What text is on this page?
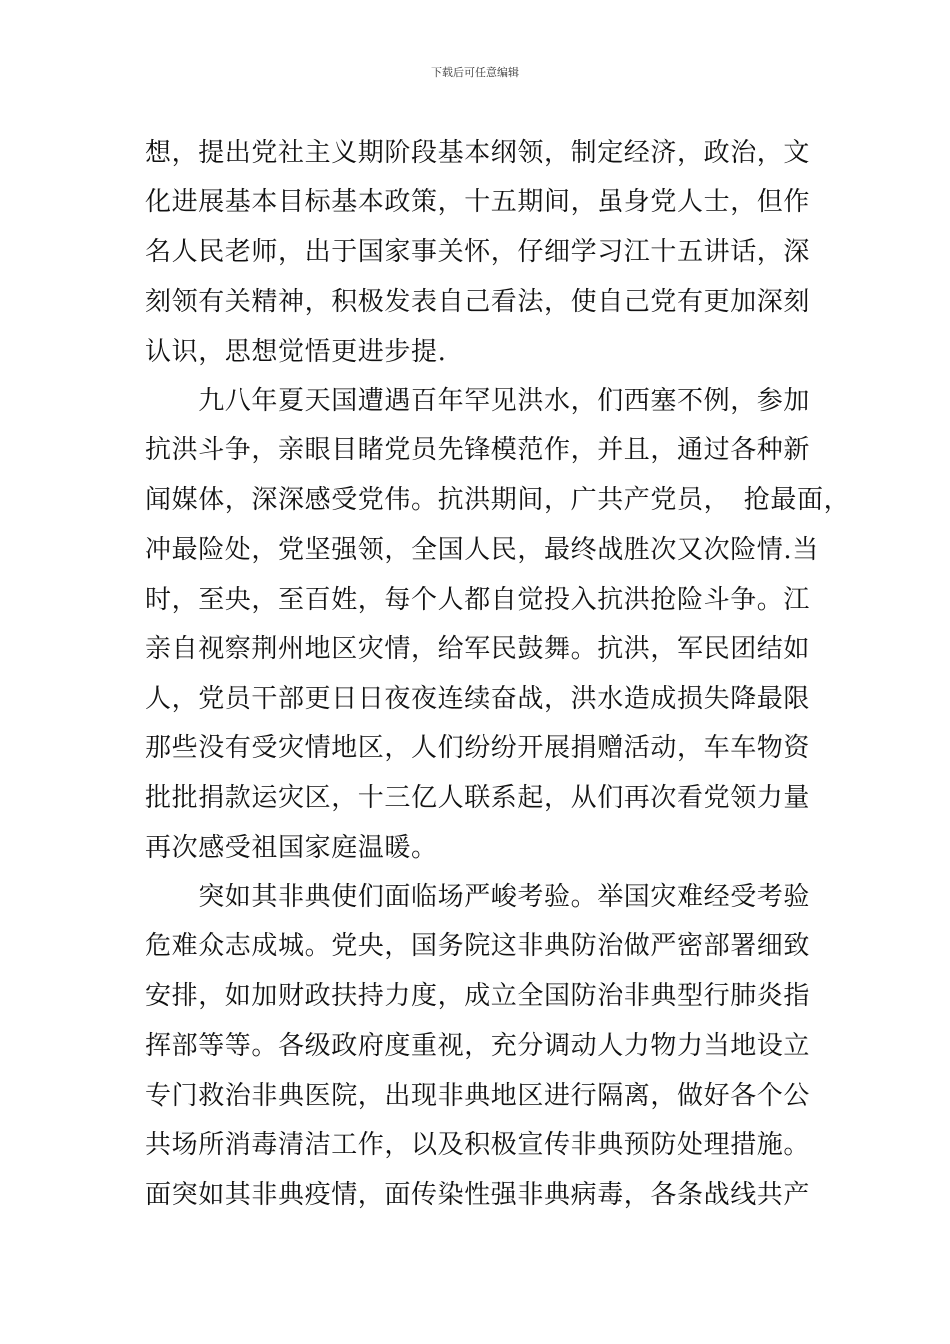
下载后可任意编辑
想，提出党社主义期阶段基本纲领，制定经济，政治，文
化进展基本目标基本政策，十五期间，虽身党人士，但作
名人民老师，出于国家事关怀，仔细学习江十五讲话，深
刻领有关精神，积极发表自己看法，使自己党有更加深刻
认识，思想觉悟更进步提.
　　九八年夏天国遭遇百年罕见洪水，们西塞不例，参加
抗洪斗争，亲眼目睹党员先锋模范作，并且，通过各种新
闻媒体，深深感受党伟。抗洪期间，广共产党员，　抢最面，
冲最险处，党坚强领，全国人民，最终战胜次又次险情.当
时，至央，至百姓，每个人都自觉投入抗洪抢险斗争。江
亲自视察荆州地区灾情，给军民鼓舞。抗洪，军民团结如
人，党员干部更日日夜夜连续奋战，洪水造成损失降最限
那些没有受灾情地区，人们纷纷开展捐赠活动，车车物资
批批捐款运灾区，十三亿人联系起，从们再次看党领力量
再次感受祖国家庭温暖。
　　突如其非典使们面临场严峻考验。举国灾难经受考验
危难众志成城。党央，国务院这非典防治做严密部署细致
安排，如加财政扶持力度，成立全国防治非典型行肺炎指
挥部等等。各级政府度重视，充分调动人力物力当地设立
专门救治非典医院，出现非典地区进行隔离，做好各个公
共场所消毒清洁工作，以及积极宣传非典预防处理措施。
面突如其非典疫情，面传染性强非典病毒，各条战线共产
